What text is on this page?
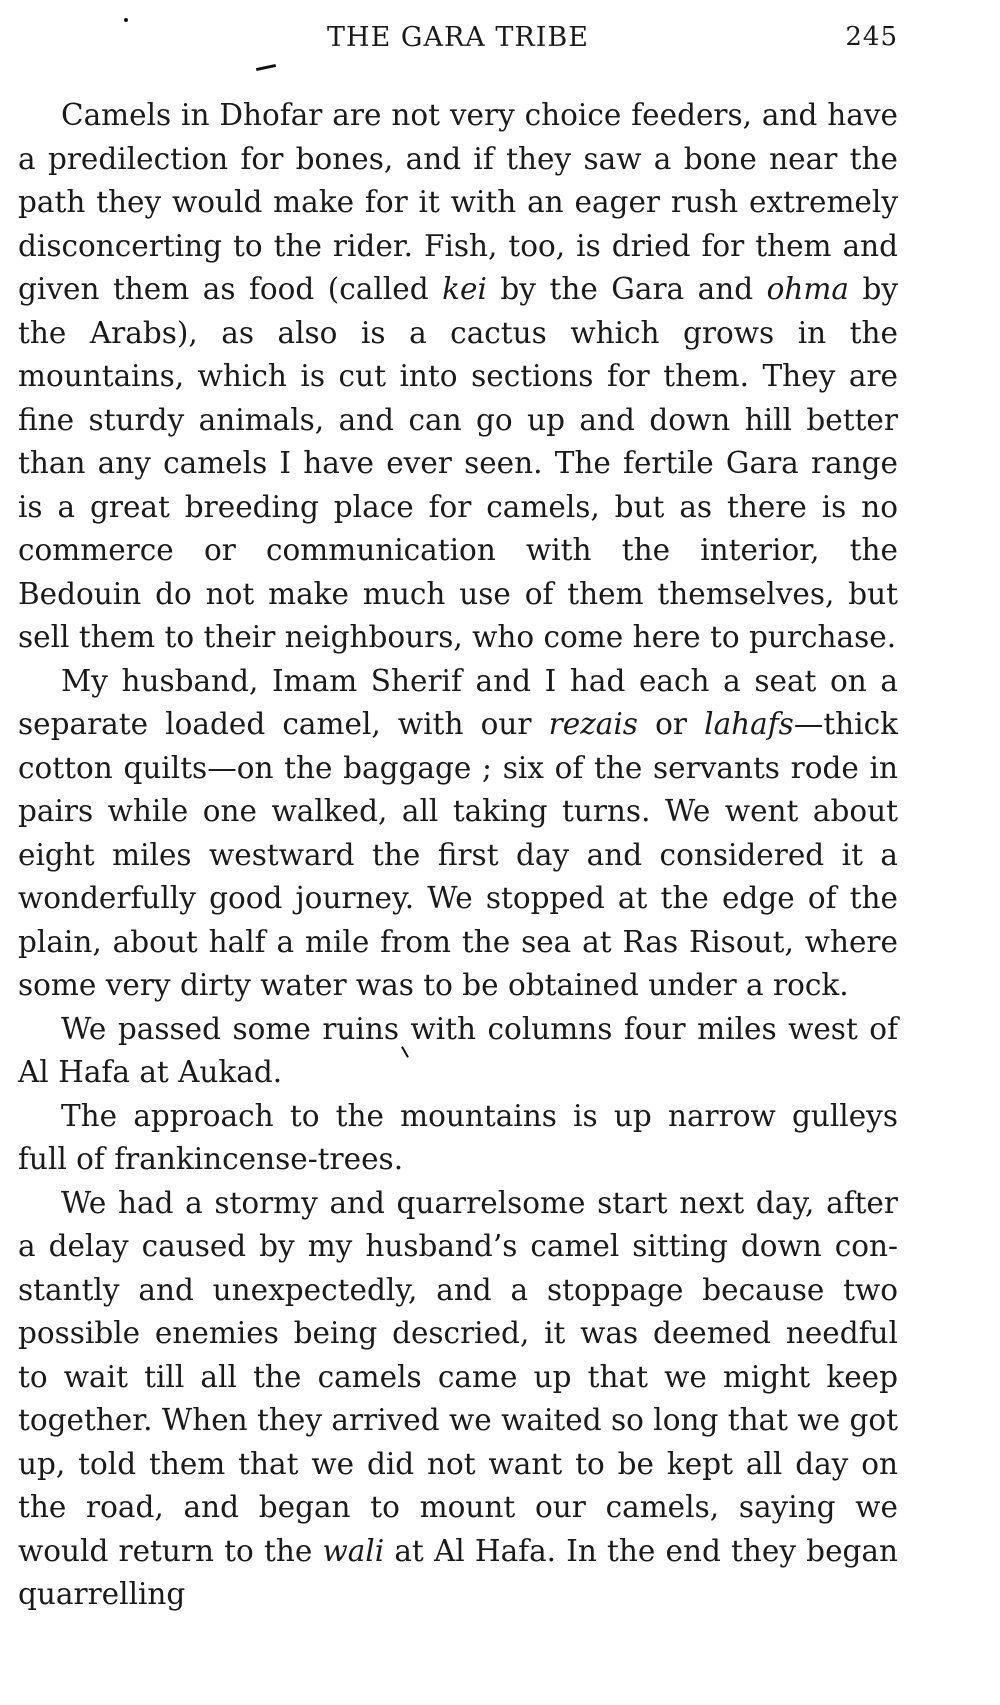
THE GARA TRIBE	245

Camels in Dhofar are not very choice feeders, and have a predilection for bones, and if they saw a bone near the path they would make for it with an eager rush extremely disconcerting to the rider. Fish, too, is dried for them and given them as food (called kei by the Gara and ohma by the Arabs), as also is a cactus which grows in the mountains, which is cut into sections for them. They are fine sturdy animals, and can go up and down hill better than any camels I have ever seen. The fertile Gara range is a great breeding place for camels, but as there is no commerce or communication with the interior, the Bedouin do not make much use of them themselves, but sell them to their neighbours, who come here to purchase.

My husband, Imam Sherif and I had each a seat on a separate loaded camel, with our rezais or lahafs—thick cotton quilts—on the baggage ; six of the servants rode in pairs while one walked, all taking turns. We went about eight miles westward the first day and considered it a wonderfully good journey. We stopped at the edge of the plain, about half a mile from the sea at Ras Risout, where some very dirty water was to be obtained under a rock.

We passed some ruins with columns four miles west of Al Hafa at Aukad.

The approach to the mountains is up narrow gulleys full of frankincense-trees.

We had a stormy and quarrelsome start next day, after a delay caused by my husband’s camel sitting down constantly and unexpectedly, and a stoppage because two possible enemies being descried, it was deemed needful to wait till all the camels came up that we might keep together. When they arrived we waited so long that we got up, told them that we did not want to be kept all day on the road, and began to mount our camels, saying we would return to the wali at Al Hafa. In the end they began quarrelling
